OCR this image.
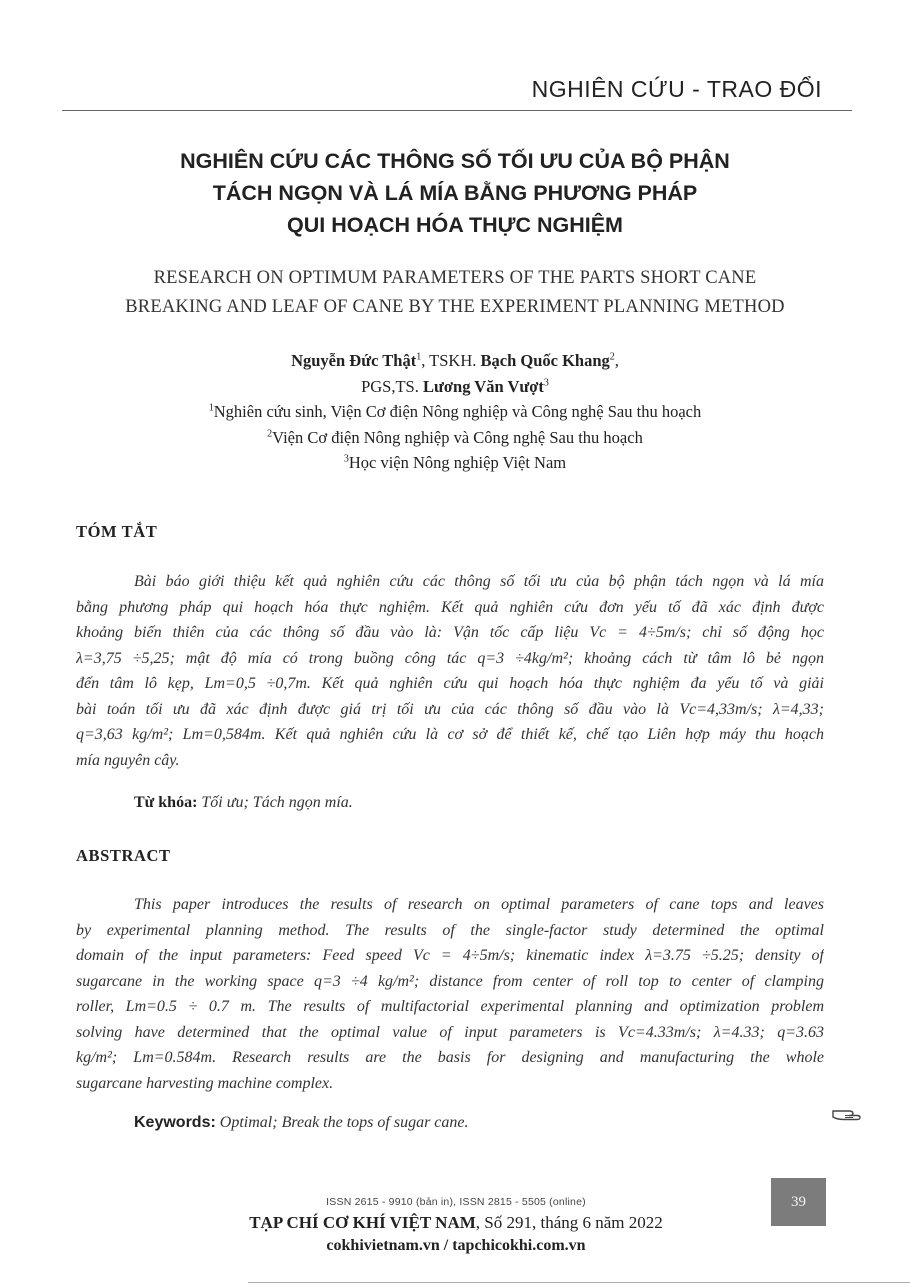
NGHIÊN CỨU - TRAO ĐỔI
NGHIÊN CỨU CÁC THÔNG SỐ TỐI ƯU CỦA BỘ PHẬN
TÁCH NGỌN VÀ LÁ MÍA BẰNG PHƯƠNG PHÁP
QUI HOẠCH HÓA THỰC NGHIỆM
RESEARCH ON OPTIMUM PARAMETERS OF THE PARTS SHORT CANE
BREAKING AND LEAF OF CANE BY THE EXPERIMENT PLANNING METHOD
Nguyễn Đức Thật$^1$, TSKH. Bạch Quốc Khang$^2$,
PGS,TS. Lương Văn Vượt$^3$
$^1$Nghiên cứu sinh, Viện Cơ điện Nông nghiệp và Công nghệ Sau thu hoạch
$^2$Viện Cơ điện Nông nghiệp và Công nghệ Sau thu hoạch
$^3$Học viện Nông nghiệp Việt Nam
TÓM TẮT
Bài báo giới thiệu kết quả nghiên cứu các thông số tối ưu của bộ phận tách ngọn và lá mía
bằng phương pháp qui hoạch hóa thực nghiệm. Kết quả nghiên cứu đơn yếu tố đã xác định được
khoảng biến thiên của các thông số đầu vào là: Vận tốc cấp liệu Vc = 4÷5m/s; chỉ số động học
λ=3,75 ÷5,25; mật độ mía có trong buồng công tác q=3 ÷4kg/m²; khoảng cách từ tâm lô bẻ ngọn
đến tâm lô kẹp, Lm=0,5 ÷0,7m. Kết quả nghiên cứu qui hoạch hóa thực nghiệm đa yếu tố và giải
bài toán tối ưu đã xác định được giá trị tối ưu của các thông số đầu vào là Vc=4,33m/s; λ=4,33;
q=3,63 kg/m²; Lm=0,584m. Kết quả nghiên cứu là cơ sở để thiết kế, chế tạo Liên hợp máy thu hoạch
mía nguyên cây.
Từ khóa: Tối ưu; Tách ngọn mía.
ABSTRACT
This paper introduces the results of research on optimal parameters of cane tops and leaves
by experimental planning method. The results of the single-factor study determined the optimal
domain of the input parameters: Feed speed Vc = 4÷5m/s; kinematic index λ=3.75 ÷5.25; density of
sugarcane in the working space q=3 ÷4 kg/m²; distance from center of roll top to center of clamping
roller, Lm=0.5 ÷ 0.7 m. The results of multifactorial experimental planning and optimization problem
solving have determined that the optimal value of input parameters is Vc=4.33m/s; λ=4.33; q=3.63
kg/m²; Lm=0.584m. Research results are the basis for designing and manufacturing the whole
sugarcane harvesting machine complex.
Keywords: Optimal; Break the tops of sugar cane.
ISSN 2615 - 9910 (bản in), ISSN 2815 - 5505 (online)
TẠP CHÍ CƠ KHÍ VIỆT NAM, Số 291, tháng 6 năm 2022
cokhivietnam.vn / tapchicokhi.com.vn
39
